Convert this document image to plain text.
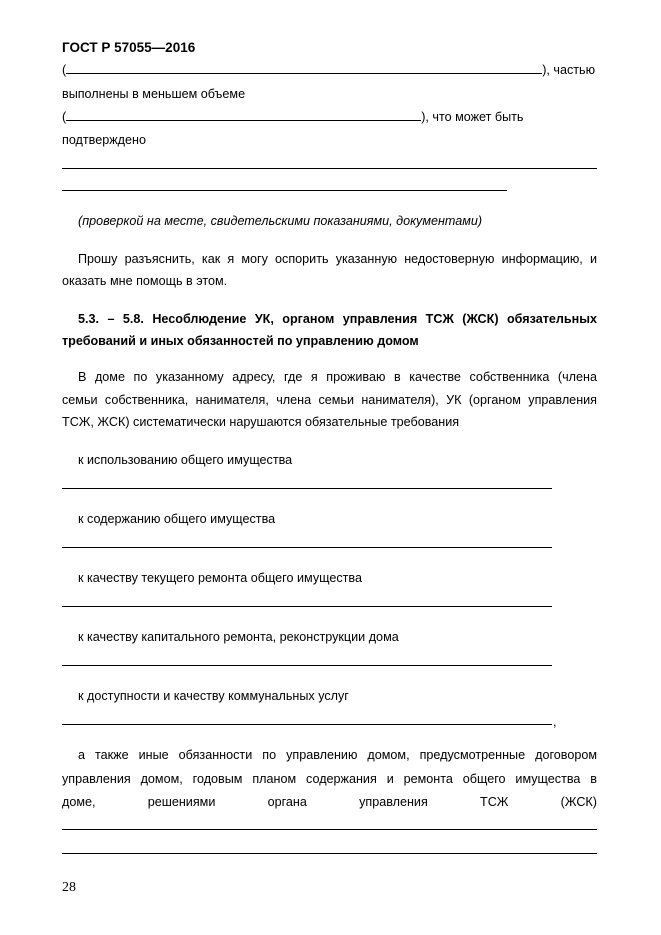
ГОСТ Р 57055—2016
(	), частью
выполнены в меньшем объеме
(	), что может быть
подтверждено
(проверкой на месте, свидетельскими показаниями, документами)
Прошу разъяснить, как я могу оспорить указанную недостоверную информацию, и
оказать мне помощь в этом.
5.3. – 5.8. Несоблюдение УК, органом управления ТСЖ (ЖСК) обязательных
требований и иных обязанностей по управлению домом
В доме по указанному адресу, где я проживаю в качестве собственника (члена
семьи собственника, нанимателя, члена семьи нанимателя), УК (органом управления
ТСЖ, ЖСК) систематически нарушаются обязательные требования
к использованию общего имущества
к содержанию общего имущества
к качеству текущего ремонта общего имущества
к качеству капитального ремонта, реконструкции дома
к доступности и качеству коммунальных услуг
,
а также иные обязанности по управлению домом, предусмотренные договором
управления домом, годовым планом содержания и ремонта общего имущества в
доме,	решениями	органа	управления	ТСЖ	(ЖСК)
28
